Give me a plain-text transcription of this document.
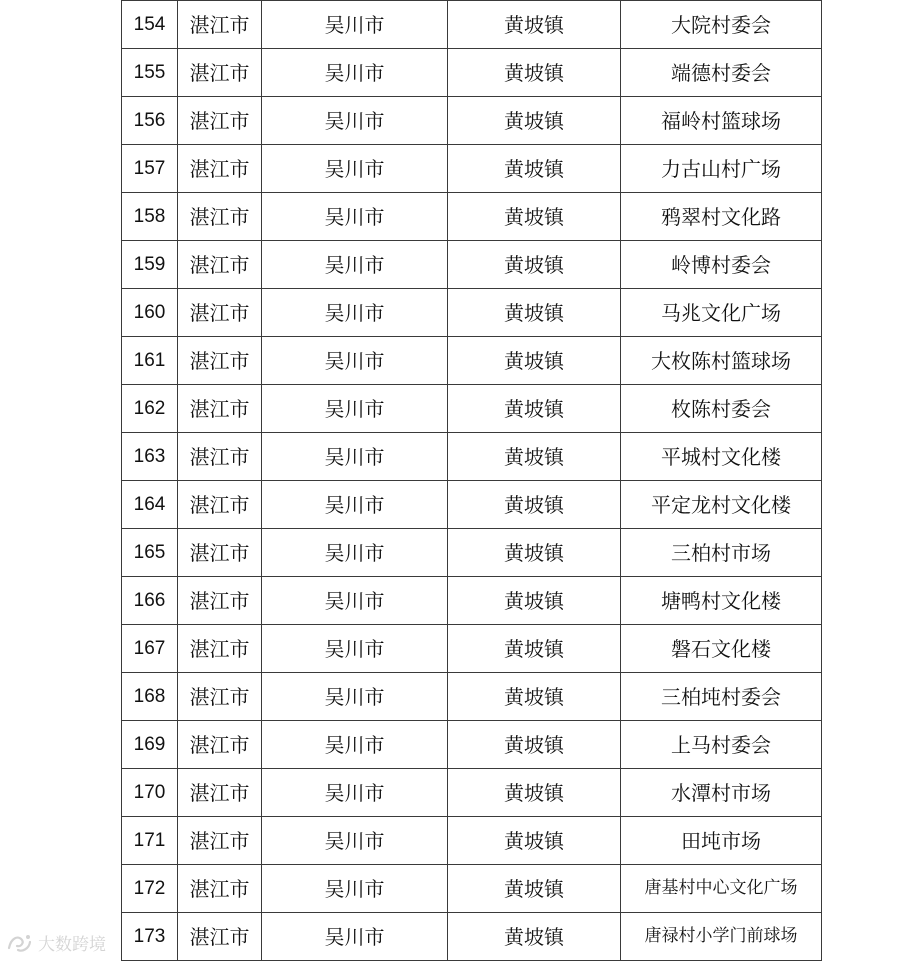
154	湛江市	吴川市	黄坡镇	大院村委会
155	湛江市	吴川市	黄坡镇	端德村委会
156	湛江市	吴川市	黄坡镇	福岭村篮球场
157	湛江市	吴川市	黄坡镇	力古山村广场
158	湛江市	吴川市	黄坡镇	鸦翠村文化路
159	湛江市	吴川市	黄坡镇	岭博村委会
160	湛江市	吴川市	黄坡镇	马兆文化广场
161	湛江市	吴川市	黄坡镇	大枚陈村篮球场
162	湛江市	吴川市	黄坡镇	枚陈村委会
163	湛江市	吴川市	黄坡镇	平城村文化楼
164	湛江市	吴川市	黄坡镇	平定龙村文化楼
165	湛江市	吴川市	黄坡镇	三柏村市场
166	湛江市	吴川市	黄坡镇	塘鸭村文化楼
167	湛江市	吴川市	黄坡镇	磐石文化楼
168	湛江市	吴川市	黄坡镇	三柏坉村委会
169	湛江市	吴川市	黄坡镇	上马村委会
170	湛江市	吴川市	黄坡镇	水潭村市场
171	湛江市	吴川市	黄坡镇	田坉市场
172	湛江市	吴川市	黄坡镇	唐基村中心文化广场
173	湛江市	吴川市	黄坡镇	唐禄村小学门前球场
大数跨境
